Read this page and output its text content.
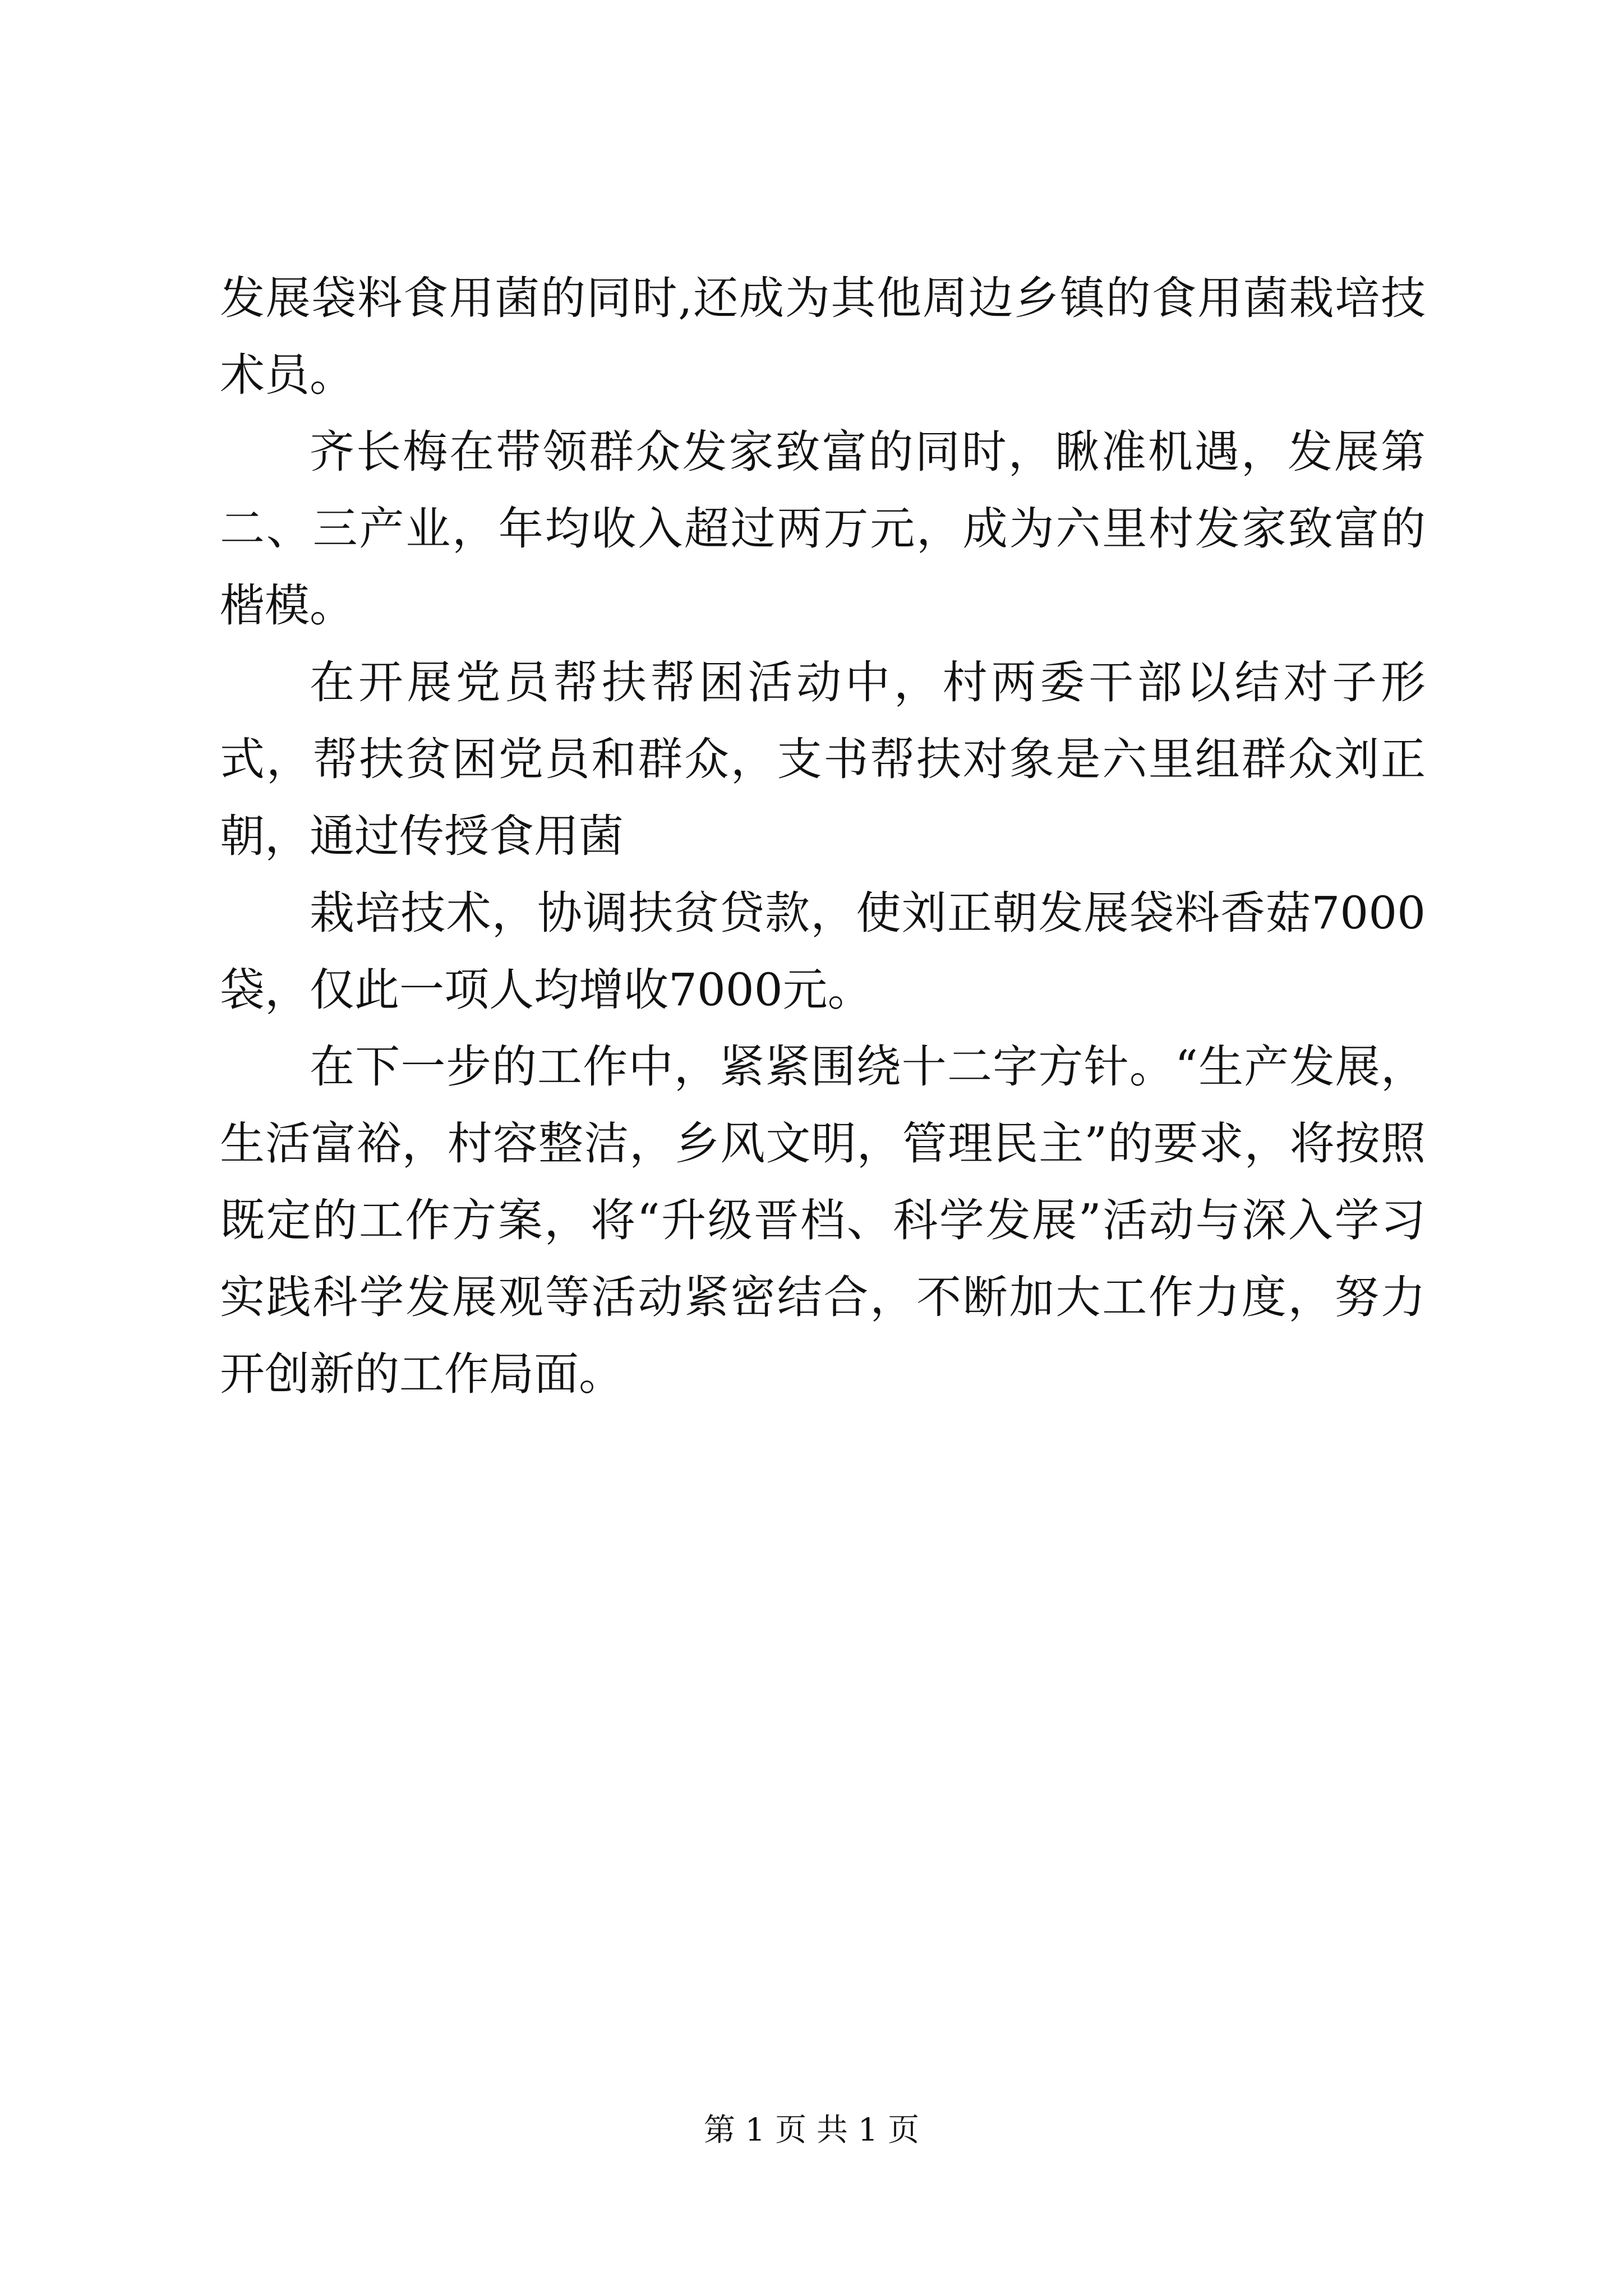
发展袋料食用菌的同时,还成为其他周边乡镇的食用菌栽培技术员。

齐长梅在带领群众发家致富的同时，瞅准机遇，发展第二、三产业，年均收入超过两万元，成为六里村发家致富的楷模。

在开展党员帮扶帮困活动中，村两委干部以结对子形式，帮扶贫困党员和群众，支书帮扶对象是六里组群众刘正朝，通过传授食用菌

栽培技术，协调扶贫贷款，使刘正朝发展袋料香菇7000袋，仅此一项人均增收7000元。

在下一步的工作中，紧紧围绕十二字方针。“生产发展，生活富裕，村容整洁，乡风文明，管理民主”的要求，将按照既定的工作方案，将“升级晋档、科学发展”活动与深入学习实践科学发展观等活动紧密结合，不断加大工作力度，努力开创新的工作局面。

第 1 页 共 1 页
